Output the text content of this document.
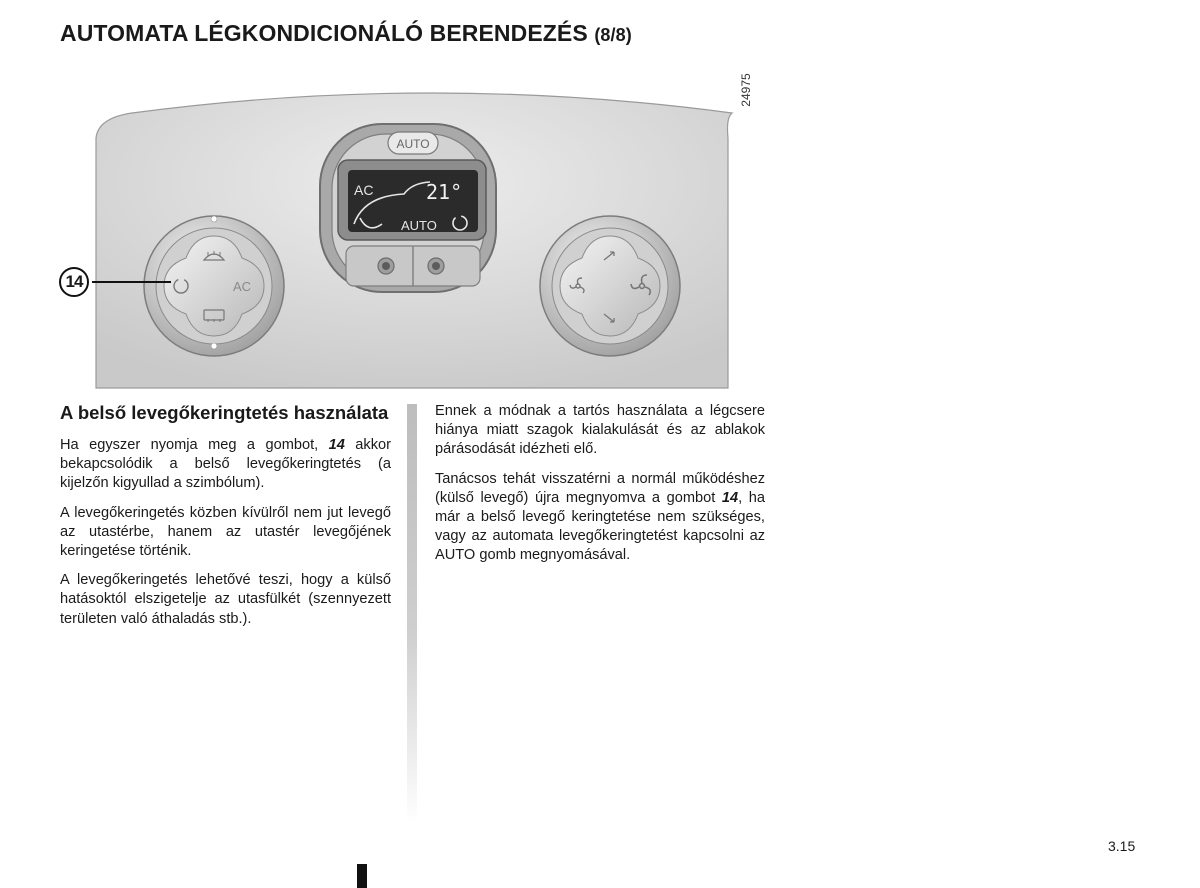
AUTOMATA LÉGKONDICIONÁLÓ BERENDEZÉS (8/8)
AUTO
AC	21°
AUTO
AC
24975
14
A belső levegőkeringtetés használata

Ha egyszer nyomja meg a gombot, 14 akkor bekapcsolódik a belső levegőkeringtetés (a kijelzőn kigyullad a szimbólum).

A levegőkeringetés közben kívülről nem jut levegő az utastérbe, hanem az utastér levegőjének keringetése történik.

A levegőkeringetés lehetővé teszi, hogy a külső hatásoktól elszigetelje az utasfülkét (szennyezett területen való áthaladás stb.).

Ennek a módnak a tartós használata a légcsere hiánya miatt szagok kialakulását és az ablakok párásodását idézheti elő.

Tanácsos tehát visszatérni a normál működéshez (külső levegő) újra megnyomva a gombot 14, ha már a belső levegő keringtetése nem szükséges, vagy az automata levegőkeringtetést kapcsolni az AUTO gomb megnyomásával.

3.15
